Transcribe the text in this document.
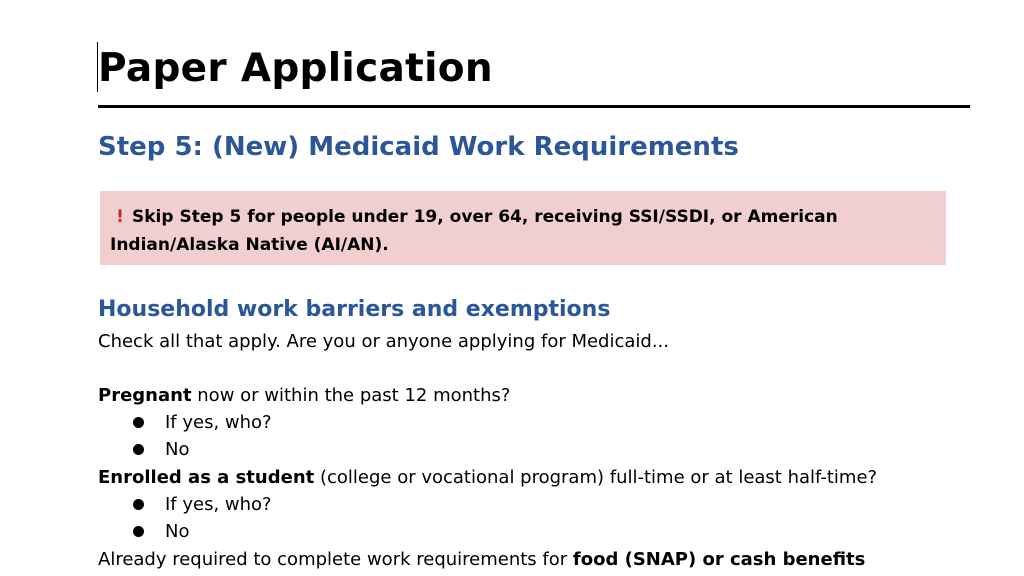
Paper Application
Step 5: (New) Medicaid Work Requirements
! Skip Step 5 for people under 19, over 64, receiving SSI/SSDI, or American Indian/Alaska Native (AI/AN).
Household work barriers and exemptions
Check all that apply. Are you or anyone applying for Medicaid...
Pregnant now or within the past 12 months?
If yes, who?
No
Enrolled as a student (college or vocational program) full-time or at least half-time?
If yes, who?
No
Already required to complete work requirements for food (SNAP) or cash benefits
